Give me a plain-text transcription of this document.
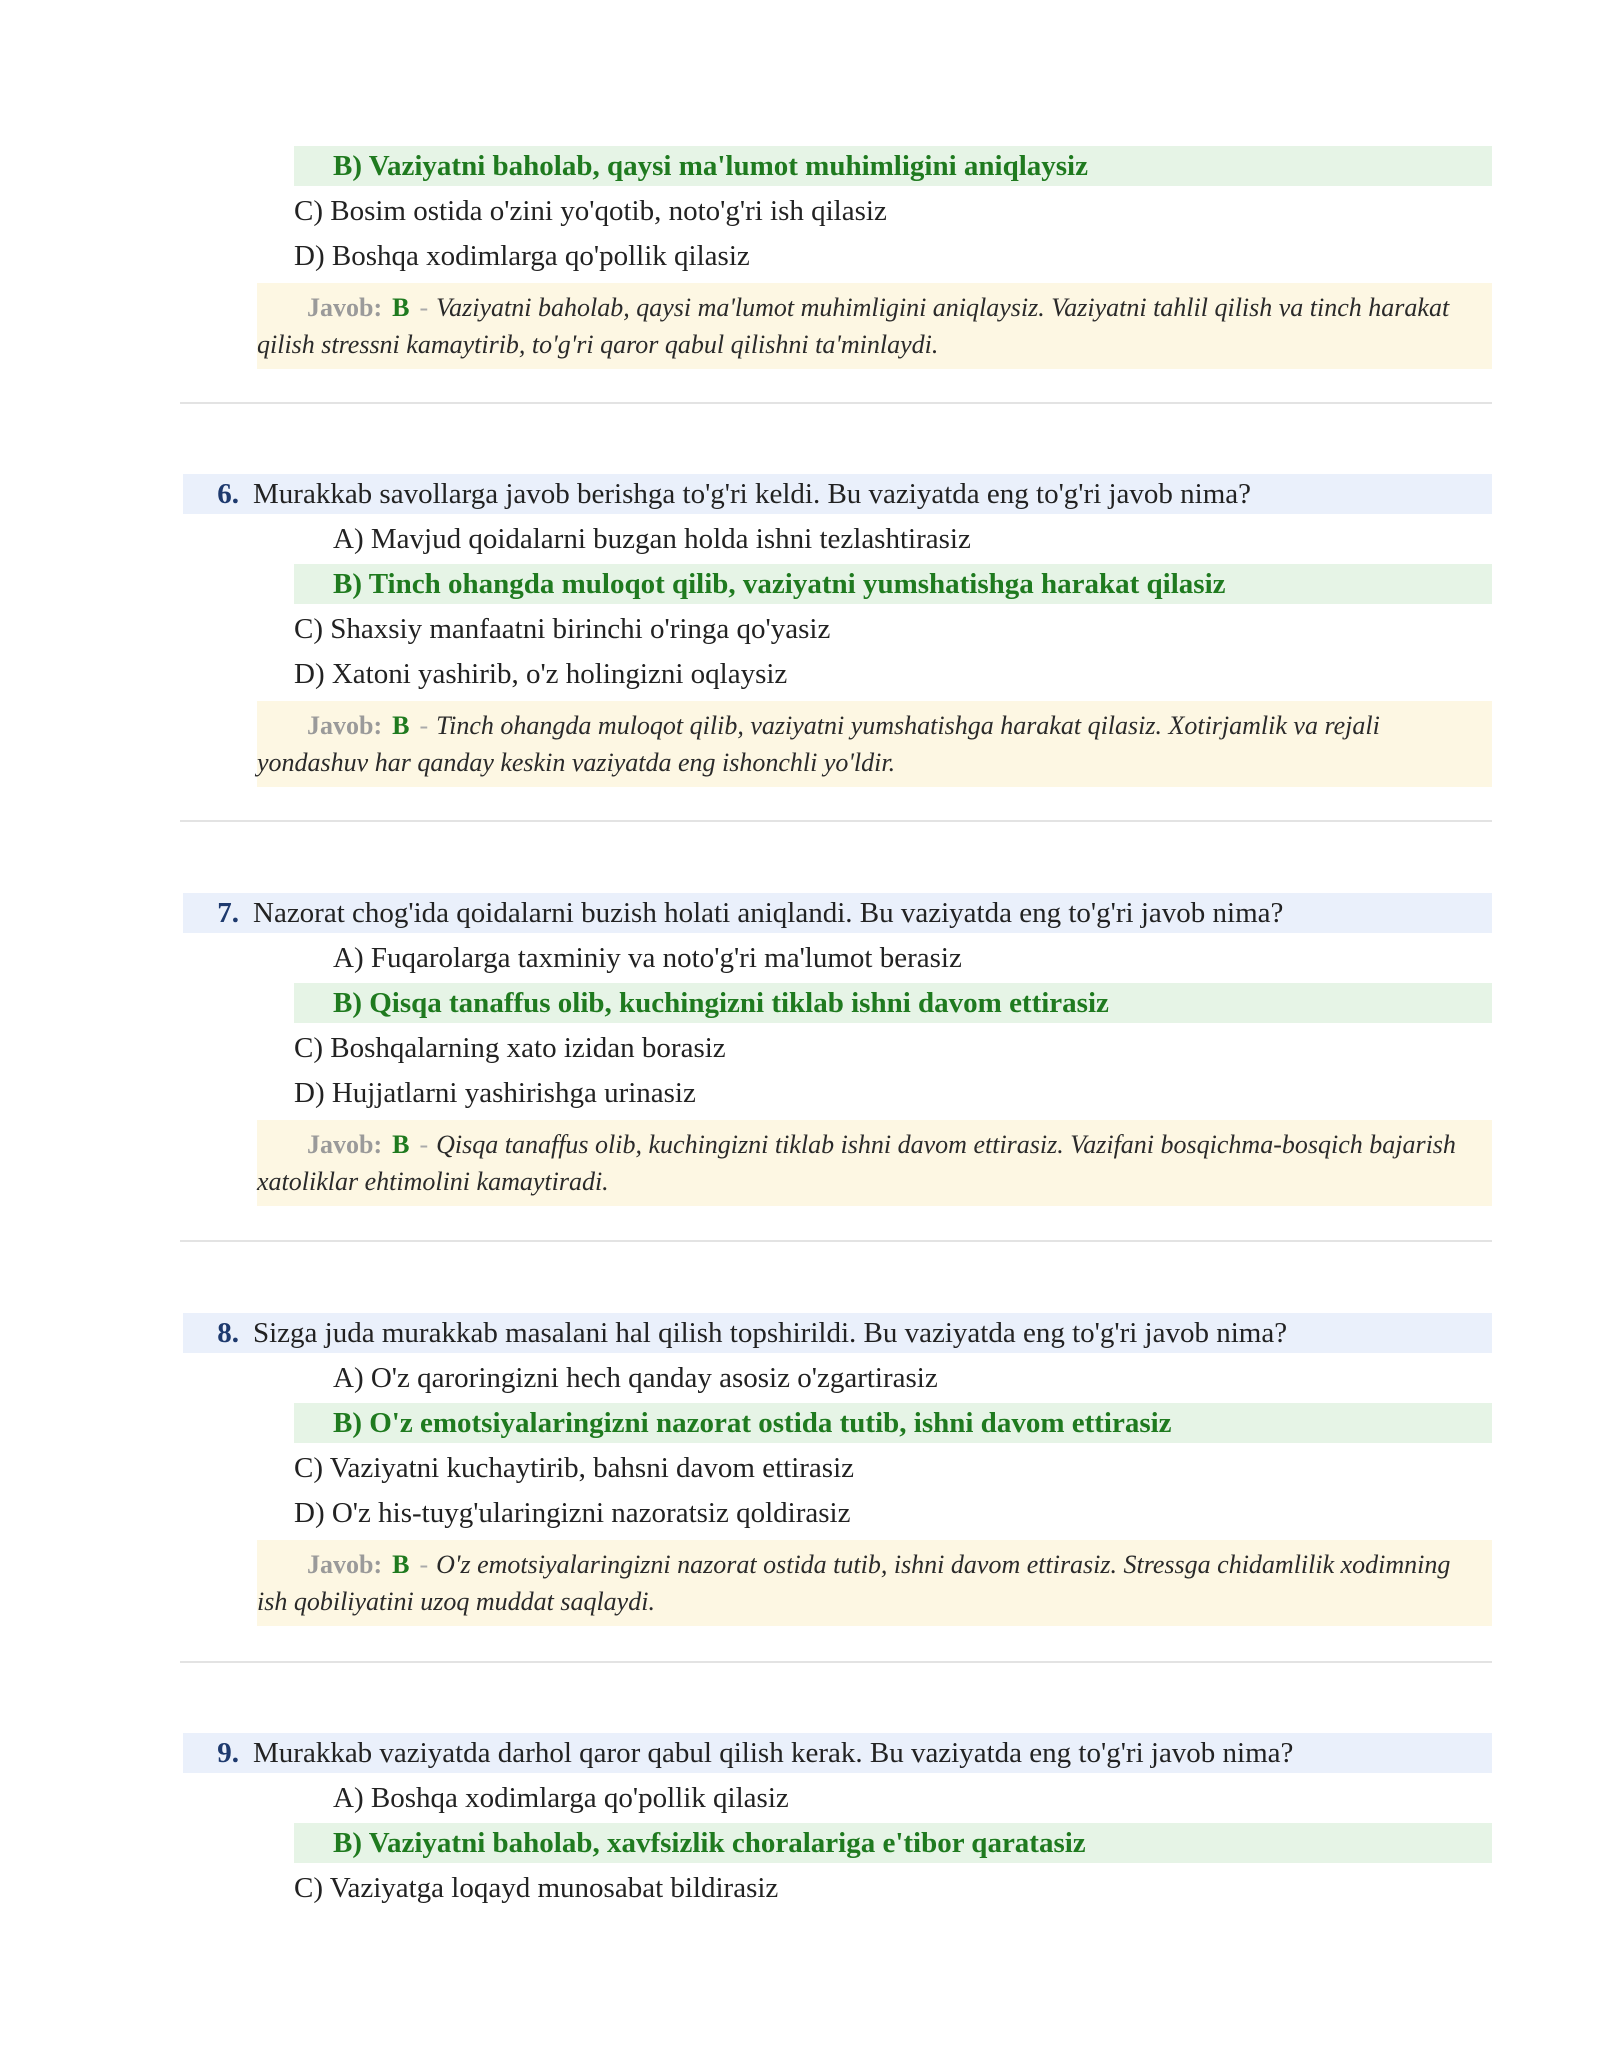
B) Vaziyatni baholab, qaysi ma'lumot muhimligini aniqlaysiz
C) Bosim ostida o'zini yo'qotib, noto'g'ri ish qilasiz
D) Boshqa xodimlarga qo'pollik qilasiz
Javob: B - Vaziyatni baholab, qaysi ma'lumot muhimligini aniqlaysiz. Vaziyatni tahlil qilish va tinch harakat qilish stressni kamaytirib, to'g'ri qaror qabul qilishni ta'minlaydi.
6. Murakkab savollarga javob berishga to'g'ri keldi. Bu vaziyatda eng to'g'ri javob nima?
A) Mavjud qoidalarni buzgan holda ishni tezlashtirasiz
B) Tinch ohangda muloqot qilib, vaziyatni yumshatishga harakat qilasiz
C) Shaxsiy manfaatni birinchi o'ringa qo'yasiz
D) Xatoni yashirib, o'z holingizni oqlaysiz
Javob: B - Tinch ohangda muloqot qilib, vaziyatni yumshatishga harakat qilasiz. Xotirjamlik va rejali yondashuv har qanday keskin vaziyatda eng ishonchli yo'ldir.
7. Nazorat chog'ida qoidalarni buzish holati aniqlandi. Bu vaziyatda eng to'g'ri javob nima?
A) Fuqarolarga taxminiy va noto'g'ri ma'lumot berasiz
B) Qisqa tanaffus olib, kuchingizni tiklab ishni davom ettirasiz
C) Boshqalarning xato izidan borasiz
D) Hujjatlarni yashirishga urinasiz
Javob: B - Qisqa tanaffus olib, kuchingizni tiklab ishni davom ettirasiz. Vazifani bosqichma-bosqich bajarish xatoliklar ehtimolini kamaytiradi.
8. Sizga juda murakkab masalani hal qilish topshirildi. Bu vaziyatda eng to'g'ri javob nima?
A) O'z qaroringizni hech qanday asosiz o'zgartirasiz
B) O'z emotsiyalaringizni nazorat ostida tutib, ishni davom ettirasiz
C) Vaziyatni kuchaytirib, bahsni davom ettirasiz
D) O'z his-tuyg'ularingizni nazoratsiz qoldirasiz
Javob: B - O'z emotsiyalaringizni nazorat ostida tutib, ishni davom ettirasiz. Stressga chidamlilik xodimning ish qobiliyatini uzoq muddat saqlaydi.
9. Murakkab vaziyatda darhol qaror qabul qilish kerak. Bu vaziyatda eng to'g'ri javob nima?
A) Boshqa xodimlarga qo'pollik qilasiz
B) Vaziyatni baholab, xavfsizlik choralariga e'tibor qaratasiz
C) Vaziyatga loqayd munosabat bildirasiz
